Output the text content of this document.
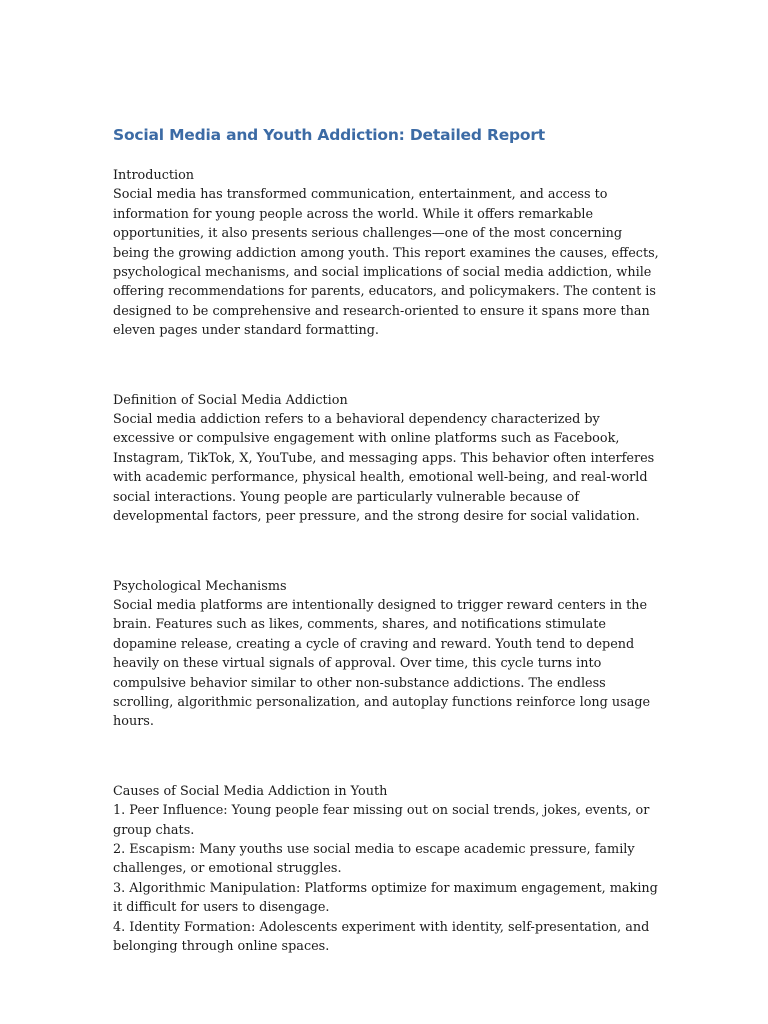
Social Media and Youth Addiction: Detailed Report
Introduction
Social media has transformed communication, entertainment, and access to information for young people across the world. While it offers remarkable opportunities, it also presents serious challenges—one of the most concerning being the growing addiction among youth. This report examines the causes, effects, psychological mechanisms, and social implications of social media addiction, while offering recommendations for parents, educators, and policymakers. The content is designed to be comprehensive and research-oriented to ensure it spans more than eleven pages under standard formatting.
Definition of Social Media Addiction
Social media addiction refers to a behavioral dependency characterized by excessive or compulsive engagement with online platforms such as Facebook, Instagram, TikTok, X, YouTube, and messaging apps. This behavior often interferes with academic performance, physical health, emotional well-being, and real-world social interactions. Young people are particularly vulnerable because of developmental factors, peer pressure, and the strong desire for social validation.
Psychological Mechanisms
Social media platforms are intentionally designed to trigger reward centers in the brain. Features such as likes, comments, shares, and notifications stimulate dopamine release, creating a cycle of craving and reward. Youth tend to depend heavily on these virtual signals of approval. Over time, this cycle turns into compulsive behavior similar to other non-substance addictions. The endless scrolling, algorithmic personalization, and autoplay functions reinforce long usage hours.
Causes of Social Media Addiction in Youth
1. Peer Influence: Young people fear missing out on social trends, jokes, events, or group chats.
2. Escapism: Many youths use social media to escape academic pressure, family challenges, or emotional struggles.
3. Algorithmic Manipulation: Platforms optimize for maximum engagement, making it difficult for users to disengage.
4. Identity Formation: Adolescents experiment with identity, self-presentation, and belonging through online spaces.
